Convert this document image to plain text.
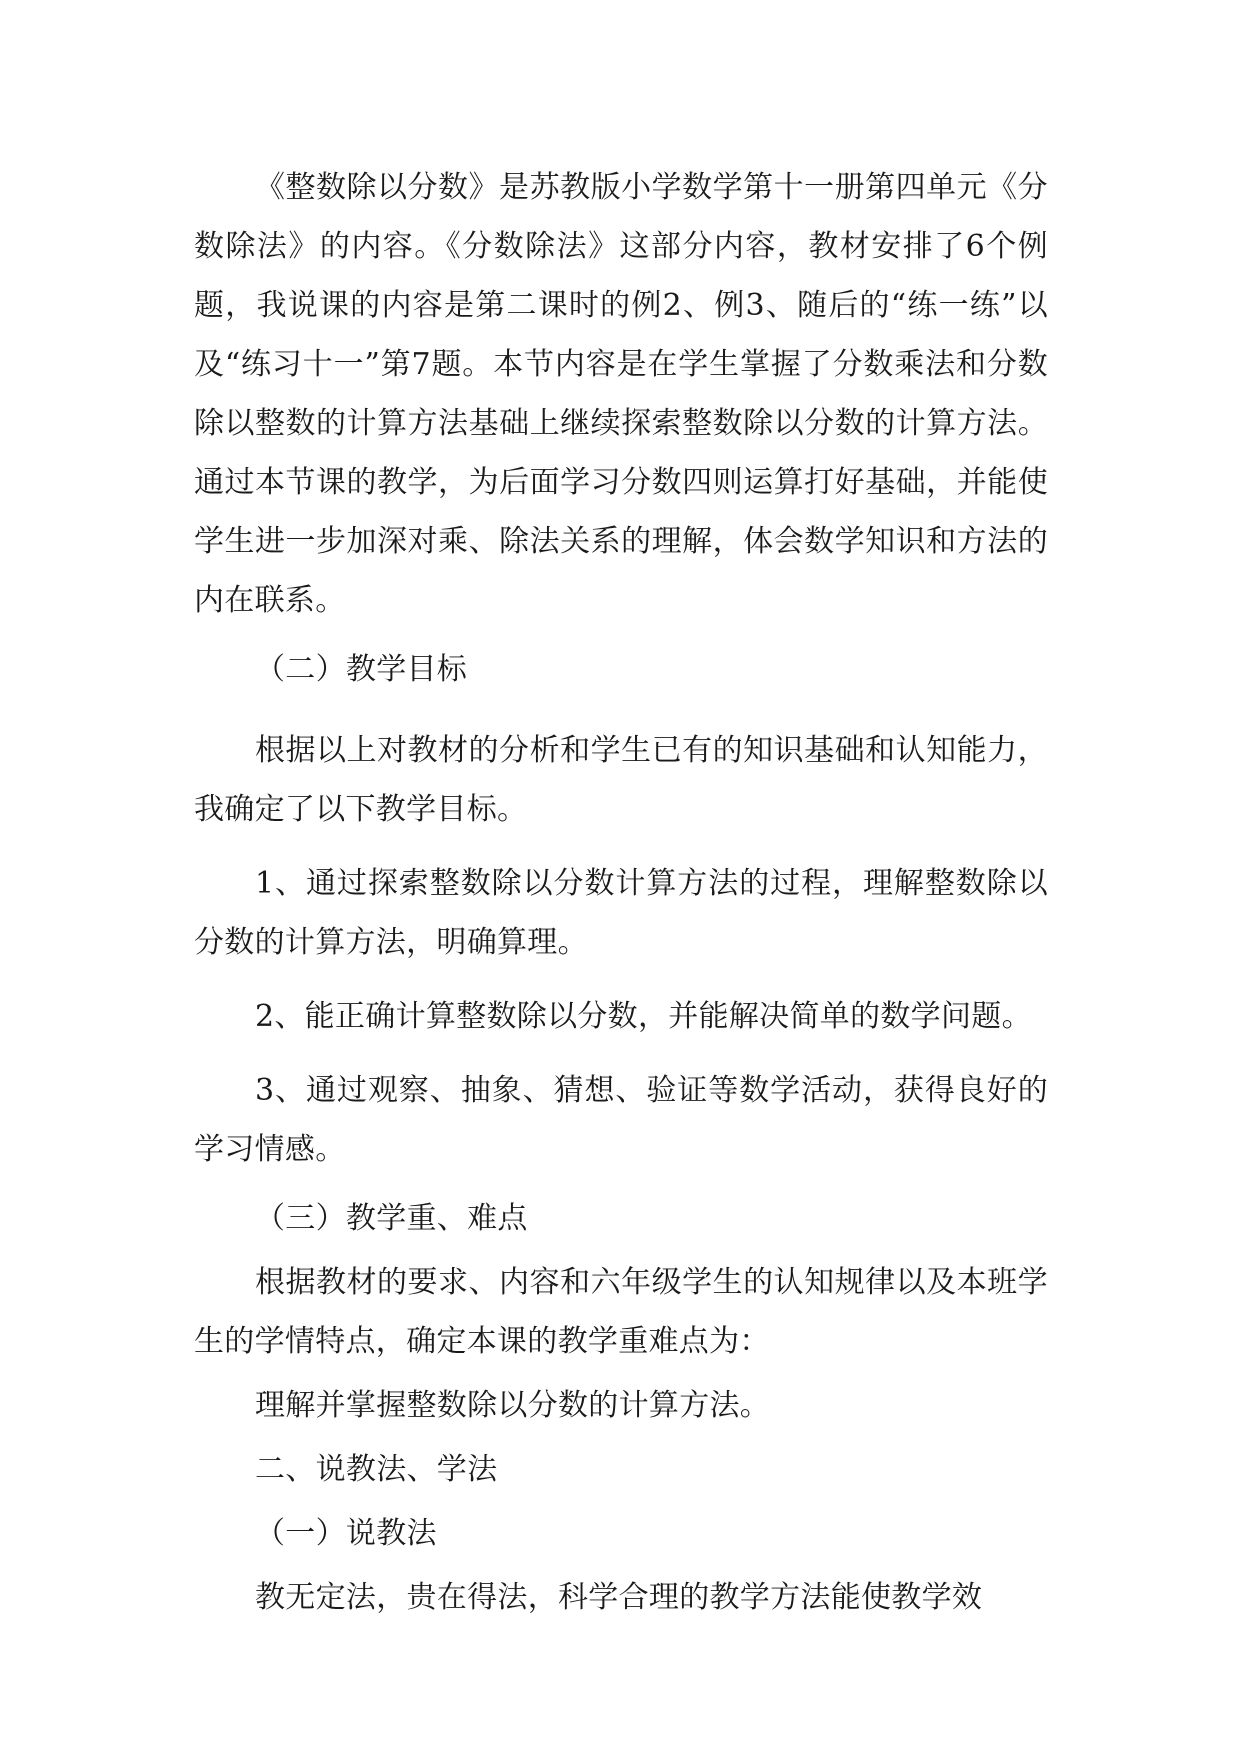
《整数除以分数》是苏教版小学数学第十一册第四单元《分数除法》的内容。《分数除法》这部分内容，教材安排了6个例题，我说课的内容是第二课时的例2、例3、随后的“练一练”以及“练习十一”第7题。本节内容是在学生掌握了分数乘法和分数除以整数的计算方法基础上继续探索整数除以分数的计算方法。通过本节课的教学，为后面学习分数四则运算打好基础，并能使学生进一步加深对乘、除法关系的理解，体会数学知识和方法的内在联系。

（二）教学目标

根据以上对教材的分析和学生已有的知识基础和认知能力，我确定了以下教学目标。

1、通过探索整数除以分数计算方法的过程，理解整数除以分数的计算方法，明确算理。

2、能正确计算整数除以分数，并能解决简单的数学问题。

3、通过观察、抽象、猜想、验证等数学活动，获得良好的学习情感。

（三）教学重、难点

根据教材的要求、内容和六年级学生的认知规律以及本班学生的学情特点，确定本课的教学重难点为：

理解并掌握整数除以分数的计算方法。

二、说教法、学法

（一）说教法

教无定法，贵在得法，科学合理的教学方法能使教学效
